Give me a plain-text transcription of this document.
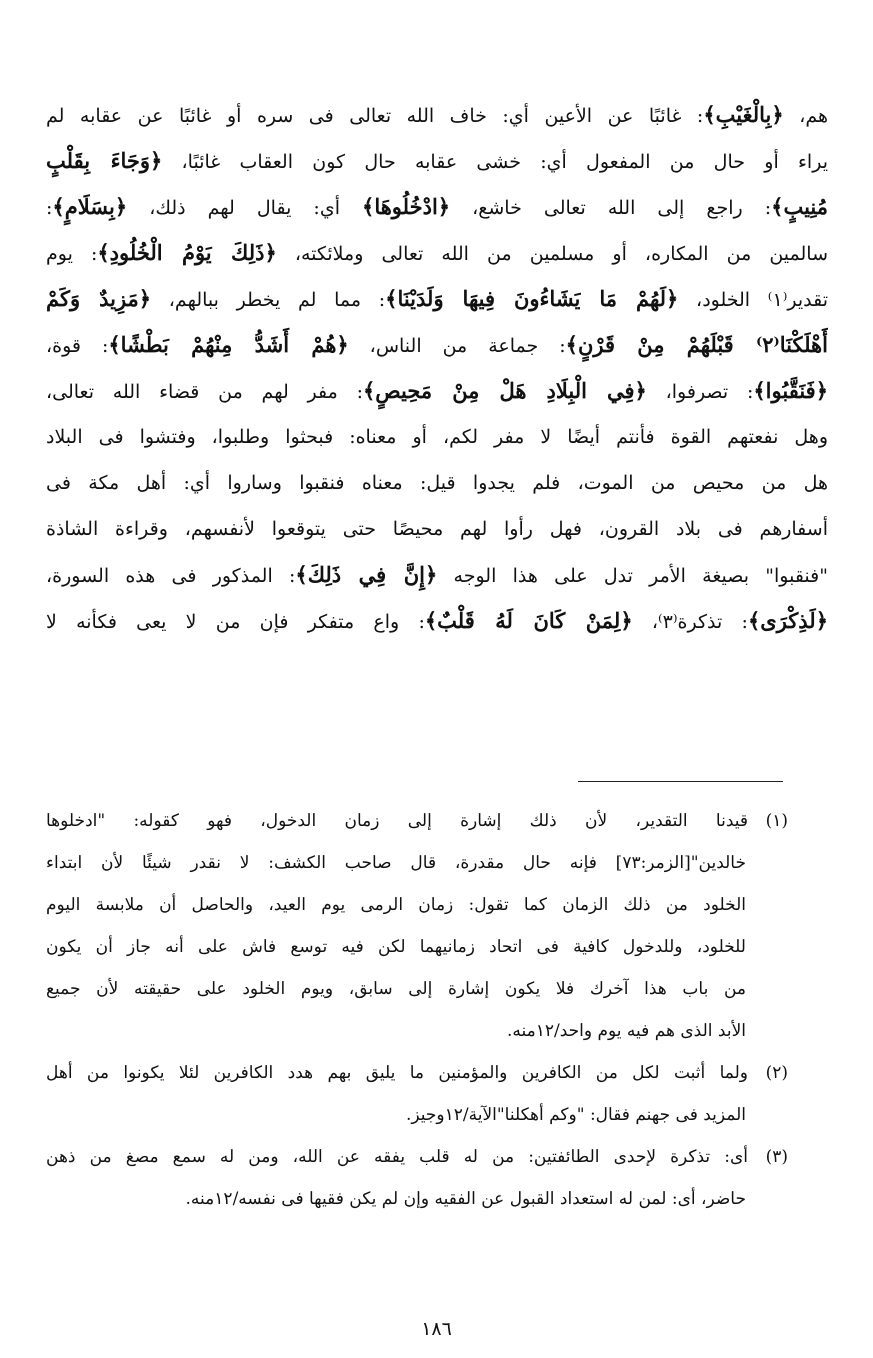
هم، ﴿بِالْغَيْبِ﴾: غائبًا عن الأعين أي: خاف الله تعالى فى سره أو غائبًا عن عقابه لم
يراء أو حال من المفعول أي: خشى عقابه حال كون العقاب غائبًا، ﴿وَجَاءَ بِقَلْبٍ
مُنِيبٍ﴾: راجع إلى الله تعالى خاشع، ﴿ادْخُلُوهَا﴾ أي: يقال لهم ذلك، ﴿بِسَلَامٍ﴾:
سالمين من المكاره، أو مسلمين من الله تعالى وملائكته، ﴿ذَلِكَ يَوْمُ الْخُلُودِ﴾: يوم
تقدير⁽١⁾ الخلود، ﴿لَهُمْ مَا يَشَاءُونَ فِيهَا وَلَدَيْنَا﴾: مما لم يخطر ببالهم، ﴿مَزِيدٌ وَكَمْ
أَهْلَكْنَا⁽٢⁾ قَبْلَهُمْ مِنْ قَرْنٍ﴾: جماعة من الناس، ﴿هُمْ أَشَدُّ مِنْهُمْ بَطْشًا﴾: قوة،
﴿فَنَقَّبُوا﴾: تصرفوا، ﴿فِي الْبِلَادِ هَلْ مِنْ مَحِيصٍ﴾: مفر لهم من قضاء الله تعالى،
وهل نفعتهم القوة فأنتم أيضًا لا مفر لكم، أو معناه: فبحثوا وطلبوا، وفتشوا فى البلاد
هل من محيص من الموت، فلم يجدوا قيل: معناه فنقبوا وساروا أي: أهل مكة فى
أسفارهم فى بلاد القرون، فهل رأوا لهم محيصًا حتى يتوقعوا لأنفسهم، وقراءة الشاذة
"فنقبوا" بصيغة الأمر تدل على هذا الوجه ﴿إِنَّ فِي ذَلِكَ﴾: المذكور فى هذه السورة،
﴿لَذِكْرَى﴾: تذكرة⁽٣⁾، ﴿لِمَنْ كَانَ لَهُ قَلْبٌ﴾: واع متفكر فإن من لا يعى فكأنه لا
(١)قيدنا التقدير، لأن ذلك إشارة إلى زمان الدخول، فهو كقوله: "ادخلوها
خالدين"[الزمر:٧٣] فإنه حال مقدرة، قال صاحب الكشف: لا نقدر شيئًا لأن ابتداء
الخلود من ذلك الزمان كما تقول: زمان الرمى يوم العيد، والحاصل أن ملابسة اليوم
للخلود، وللدخول كافية فى اتحاد زمانيهما لكن فيه توسع فاش على أنه جاز أن يكون
من باب هذا آخرك فلا يكون إشارة إلى سابق، ويوم الخلود على حقيقته لأن جميع
الأبد الذى هم فيه يوم واحد/١٢منه.
(٢)ولما أثبت لكل من الكافرين والمؤمنين ما يليق بهم هدد الكافرين لئلا يكونوا من أهل
المزيد فى جهنم فقال: "وكم أهكلنا"الآية/١٢وجيز.
(٣)أى: تذكرة لإحدى الطائفتين: من له قلب يفقه عن الله، ومن له سمع مصغ من ذهن
حاضر، أى: لمن له استعداد القبول عن الفقيه وإن لم يكن فقيها فى نفسه/١٢منه.
١٨٦
